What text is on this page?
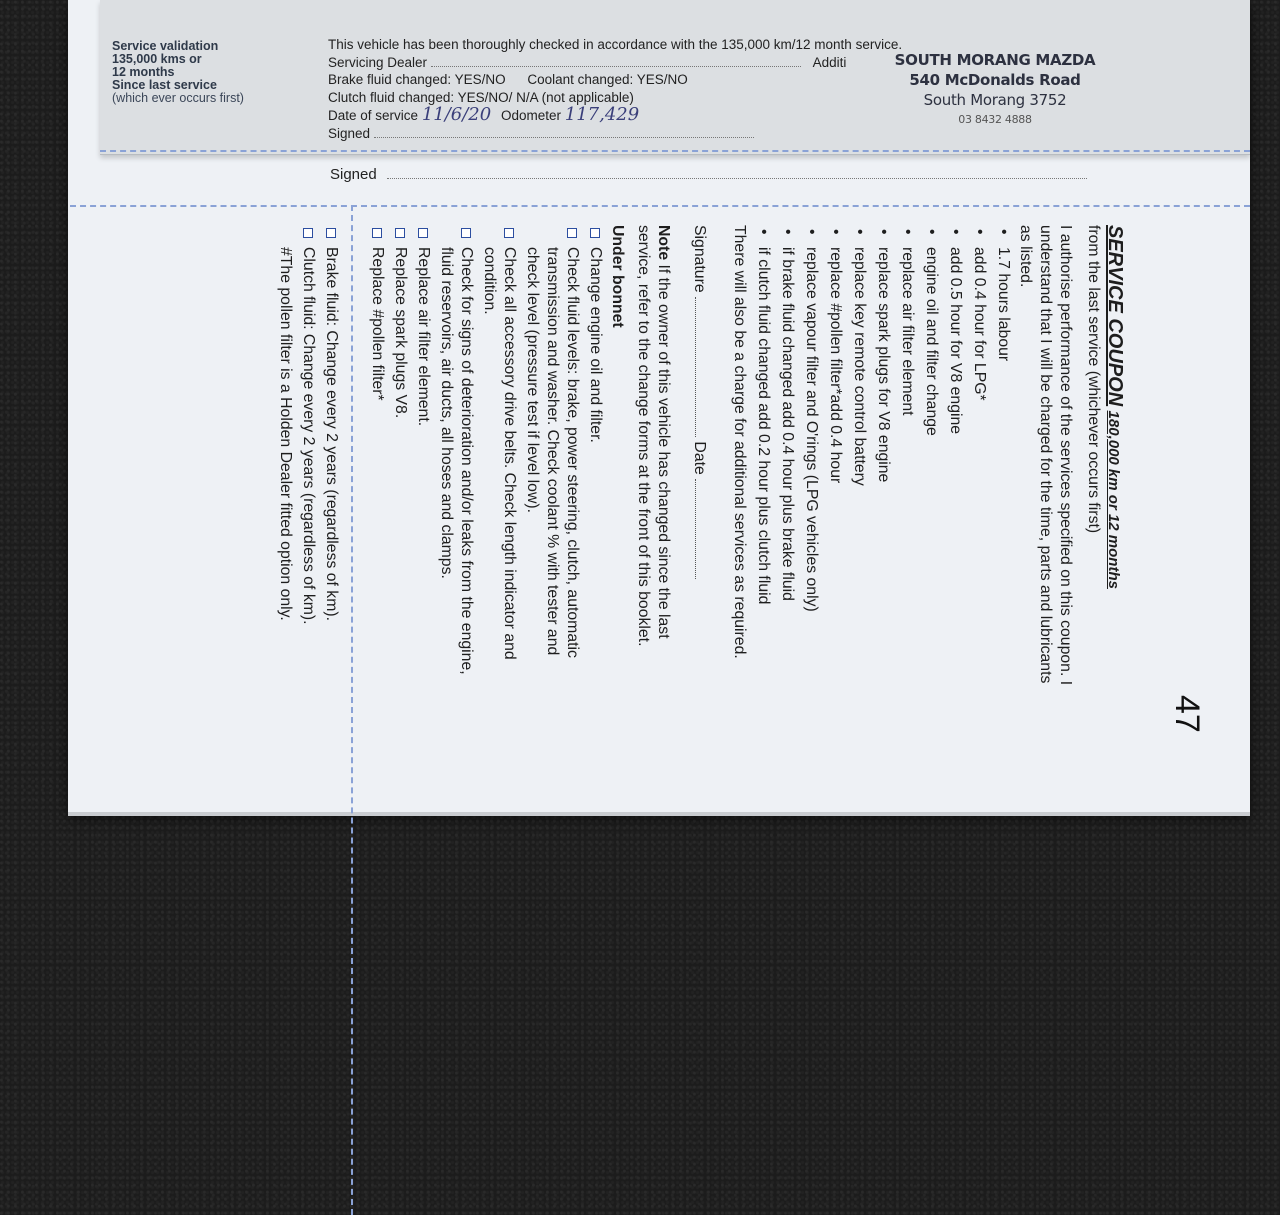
Service validation
135,000 kms or
12 months
Since last service
(which ever occurs first)
This vehicle has been thoroughly checked in accordance with the 135,000 km/12 month service.
Servicing Dealer	Additi
Brake fluid changed: YES/NO Coolant changed: YES/NO
Clutch fluid changed: YES/NO/ N/A (not applicable)
Date of service 11/6/20 Odometer 117,429
Signed
SOUTH MORANG MAZDA
540 McDonalds Road
South Morang 3752
03 8432 4888
Signed
47
SERVICE COUPON 180,000 km or 12 months
from the last service (whichever occurs first)
I authorise performance of the services specified on this coupon. I understand that I will be charged for the time, parts and lubricants as listed.
• 1.7 hours labour
• add 0.4 hour for LPG*
• add 0.5 hour for V8 engine
• engine oil and filter change
• replace air filter element
• replace spark plugs for V8 engine
• replace key remote control battery
• replace #pollen filter*add 0.4 hour
• replace vapour filter and O'rings (LPG vehicles only)
• if brake fluid changed add 0.4 hour plus brake fluid
• if clutch fluid changed add 0.2 hour plus clutch fluid
There will also be a charge for additional services as required.
Signature  Date
Note If the owner of this vehicle has changed since the last service, refer to the change forms at the front of this booklet.
Under bonnet
Change engine oil and filter.
Check fluid levels: brake, power steering, clutch, automatic transmission and washer. Check coolant % with tester and check level (pressure test if level low).
Check all accessory drive belts. Check length indicator and condition.
Check for signs of deterioration and/or leaks from the engine, fluid reservoirs, air ducts, all hoses and clamps.
Replace air filter element.
Replace spark plugs V8.
Replace #pollen filter*
Brake fluid: Change every 2 years (regardless of km).
Clutch fluid: Change every 2 years (regardless of km).
#The pollen filter is a Holden Dealer fitted option only.
